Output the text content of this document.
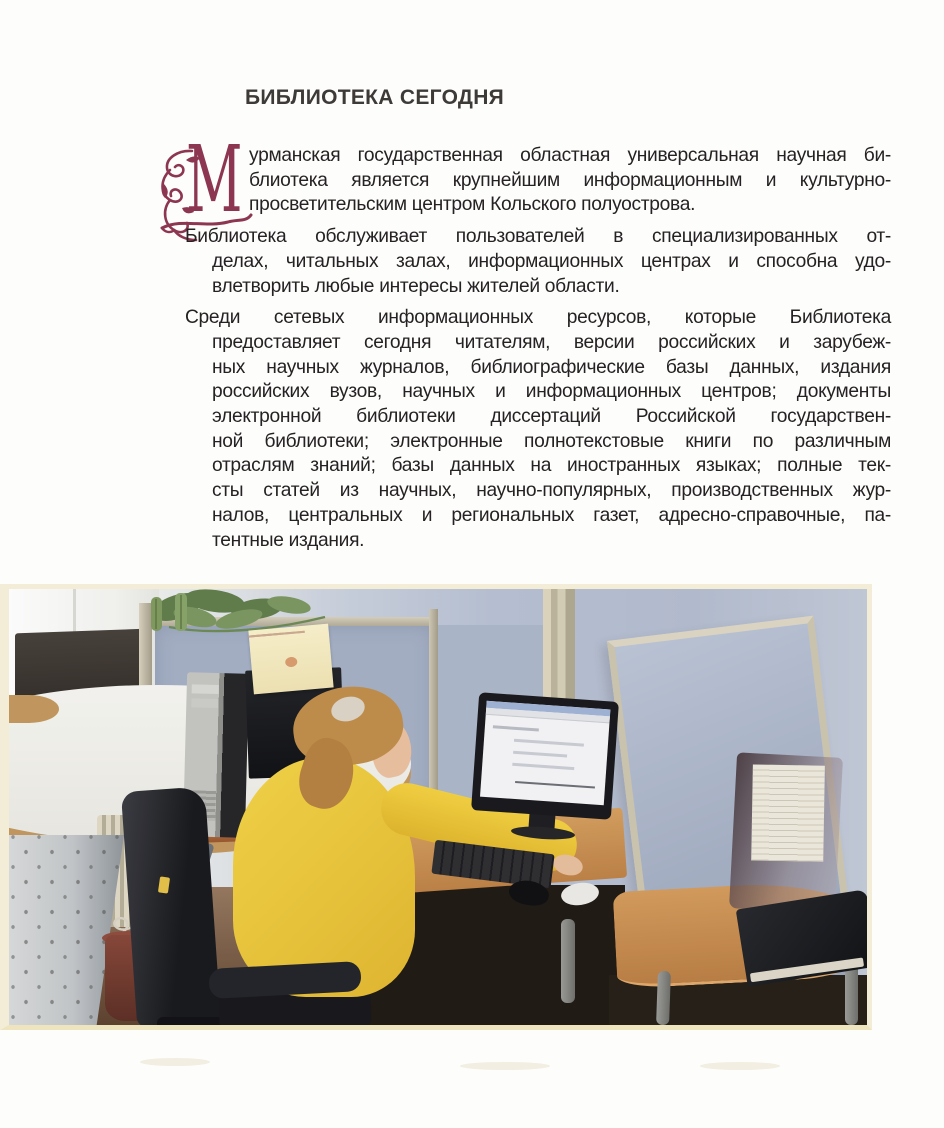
БИБЛИОТЕКА СЕГОДНЯ
М урманская государственная областная универсальная научная би-
блиотека является крупнейшим информационным и культурно-
просветительским центром Кольского полуострова.
Библиотека обслуживает пользователей в специализированных от-
делах, читальных залах, информационных центрах и способна удо-
влетворить любые интересы жителей области.
Среди сетевых информационных ресурсов, которые Библиотека
предоставляет сегодня читателям, версии российских и зарубеж-
ных научных журналов, библиографические базы данных, издания
российских вузов, научных и информационных центров; документы
электронной библиотеки диссертаций Российской государствен-
ной библиотеки; электронные полнотекстовые книги по различным
отраслям знаний; базы данных на иностранных языках; полные тек-
сты статей из научных, научно-популярных, производственных жур-
налов, центральных и региональных газет, адресно-справочные, па-
тентные издания.
